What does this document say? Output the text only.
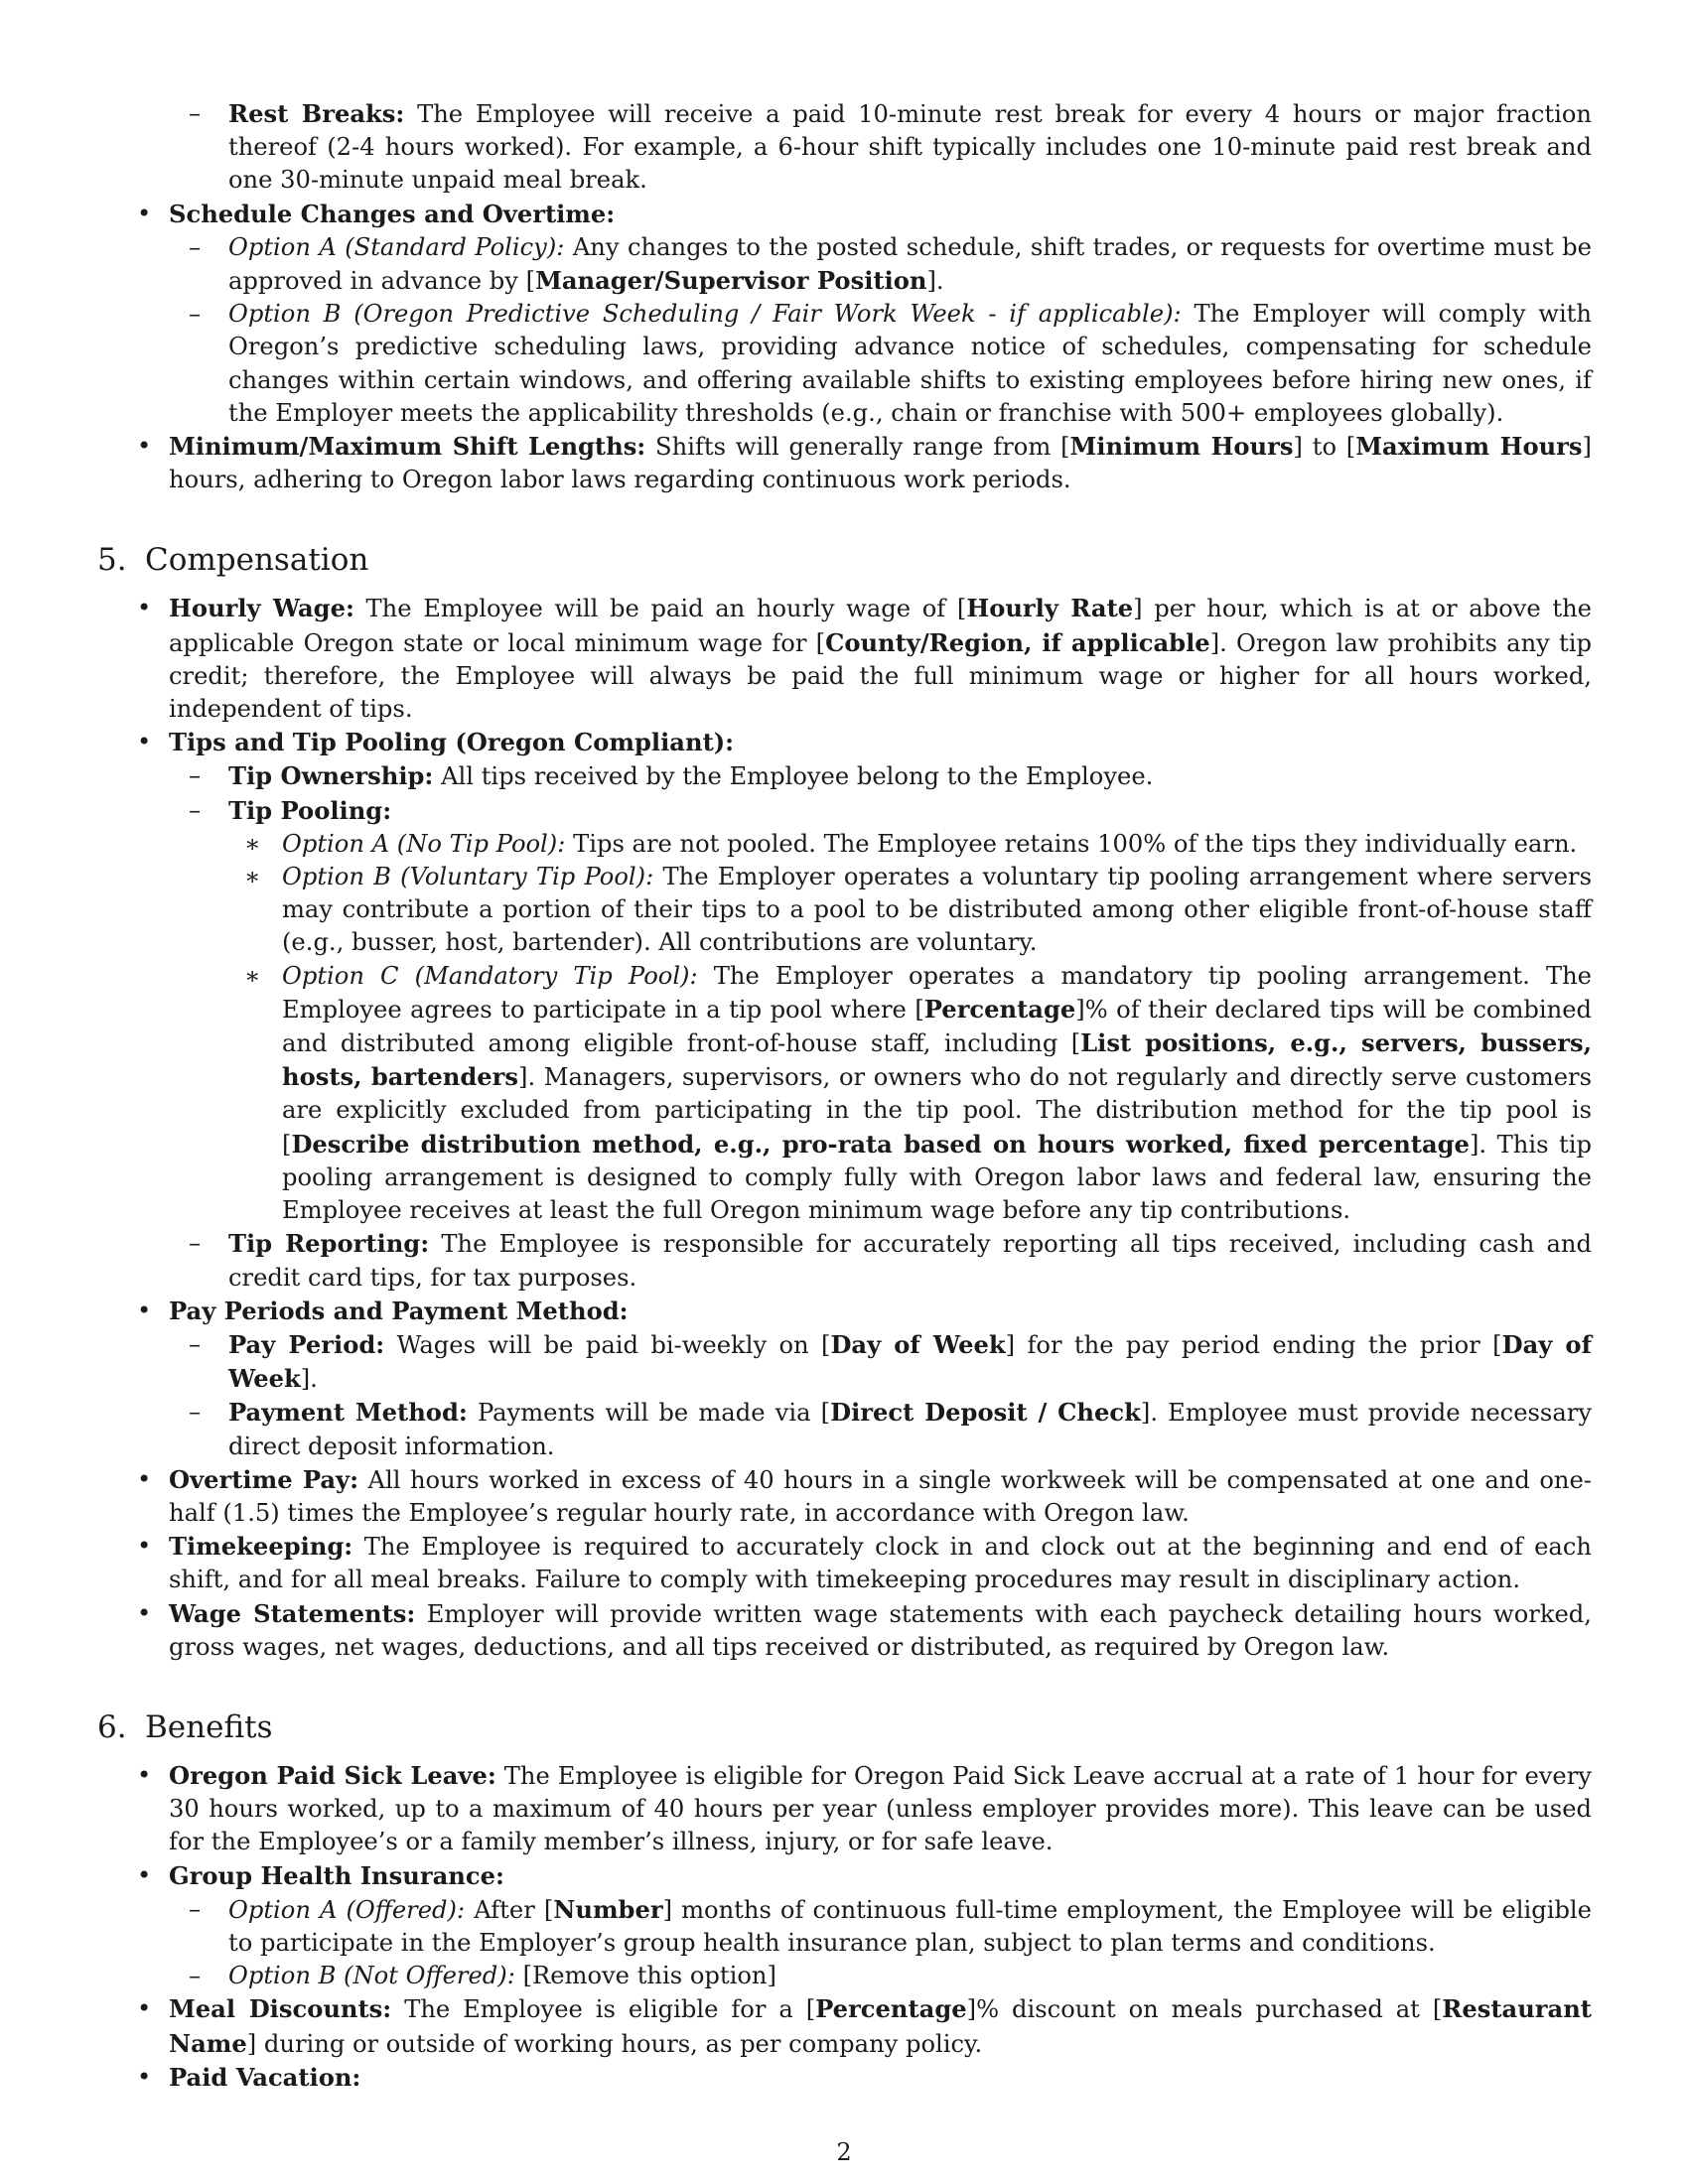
– Rest Breaks: The Employee will receive a paid 10-minute rest break for every 4 hours or major fraction thereof (2-4 hours worked). For example, a 6-hour shift typically includes one 10-minute paid rest break and one 30-minute unpaid meal break.
• Schedule Changes and Overtime:
– Option A (Standard Policy): Any changes to the posted schedule, shift trades, or requests for overtime must be approved in advance by [Manager/Supervisor Position].
– Option B (Oregon Predictive Scheduling / Fair Work Week - if applicable): The Employer will comply with Oregon’s predictive scheduling laws, providing advance notice of schedules, compensating for schedule changes within certain windows, and offering available shifts to existing employees before hiring new ones, if the Employer meets the applicability thresholds (e.g., chain or franchise with 500+ employees globally).
• Minimum/Maximum Shift Lengths: Shifts will generally range from [Minimum Hours] to [Maximum Hours] hours, adhering to Oregon labor laws regarding continuous work periods.
5. Compensation
• Hourly Wage: The Employee will be paid an hourly wage of [Hourly Rate] per hour, which is at or above the applicable Oregon state or local minimum wage for [County/Region, if applicable]. Oregon law prohibits any tip credit; therefore, the Employee will always be paid the full minimum wage or higher for all hours worked, independent of tips.
• Tips and Tip Pooling (Oregon Compliant):
– Tip Ownership: All tips received by the Employee belong to the Employee.
– Tip Pooling:
∗ Option A (No Tip Pool): Tips are not pooled. The Employee retains 100% of the tips they individually earn.
∗ Option B (Voluntary Tip Pool): The Employer operates a voluntary tip pooling arrangement where servers may contribute a portion of their tips to a pool to be distributed among other eligible front-of-house staff (e.g., busser, host, bartender). All contributions are voluntary.
∗ Option C (Mandatory Tip Pool): The Employer operates a mandatory tip pooling arrangement. The Employee agrees to participate in a tip pool where [Percentage]% of their declared tips will be combined and distributed among eligible front-of-house staff, including [List positions, e.g., servers, bussers, hosts, bartenders]. Managers, supervisors, or owners who do not regularly and directly serve customers are explicitly excluded from participating in the tip pool. The distribution method for the tip pool is [Describe distribution method, e.g., pro-rata based on hours worked, fixed percentage]. This tip pooling arrangement is designed to comply fully with Oregon labor laws and federal law, ensuring the Employee receives at least the full Oregon minimum wage before any tip contributions.
– Tip Reporting: The Employee is responsible for accurately reporting all tips received, including cash and credit card tips, for tax purposes.
• Pay Periods and Payment Method:
– Pay Period: Wages will be paid bi-weekly on [Day of Week] for the pay period ending the prior [Day of Week].
– Payment Method: Payments will be made via [Direct Deposit / Check]. Employee must provide necessary direct deposit information.
• Overtime Pay: All hours worked in excess of 40 hours in a single workweek will be compensated at one and one-half (1.5) times the Employee’s regular hourly rate, in accordance with Oregon law.
• Timekeeping: The Employee is required to accurately clock in and clock out at the beginning and end of each shift, and for all meal breaks. Failure to comply with timekeeping procedures may result in disciplinary action.
• Wage Statements: Employer will provide written wage statements with each paycheck detailing hours worked, gross wages, net wages, deductions, and all tips received or distributed, as required by Oregon law.
6. Benefits
• Oregon Paid Sick Leave: The Employee is eligible for Oregon Paid Sick Leave accrual at a rate of 1 hour for every 30 hours worked, up to a maximum of 40 hours per year (unless employer provides more). This leave can be used for the Employee’s or a family member’s illness, injury, or for safe leave.
• Group Health Insurance:
– Option A (Offered): After [Number] months of continuous full-time employment, the Employee will be eligible to participate in the Employer’s group health insurance plan, subject to plan terms and conditions.
– Option B (Not Offered): [Remove this option]
• Meal Discounts: The Employee is eligible for a [Percentage]% discount on meals purchased at [Restaurant Name] during or outside of working hours, as per company policy.
• Paid Vacation:
2
